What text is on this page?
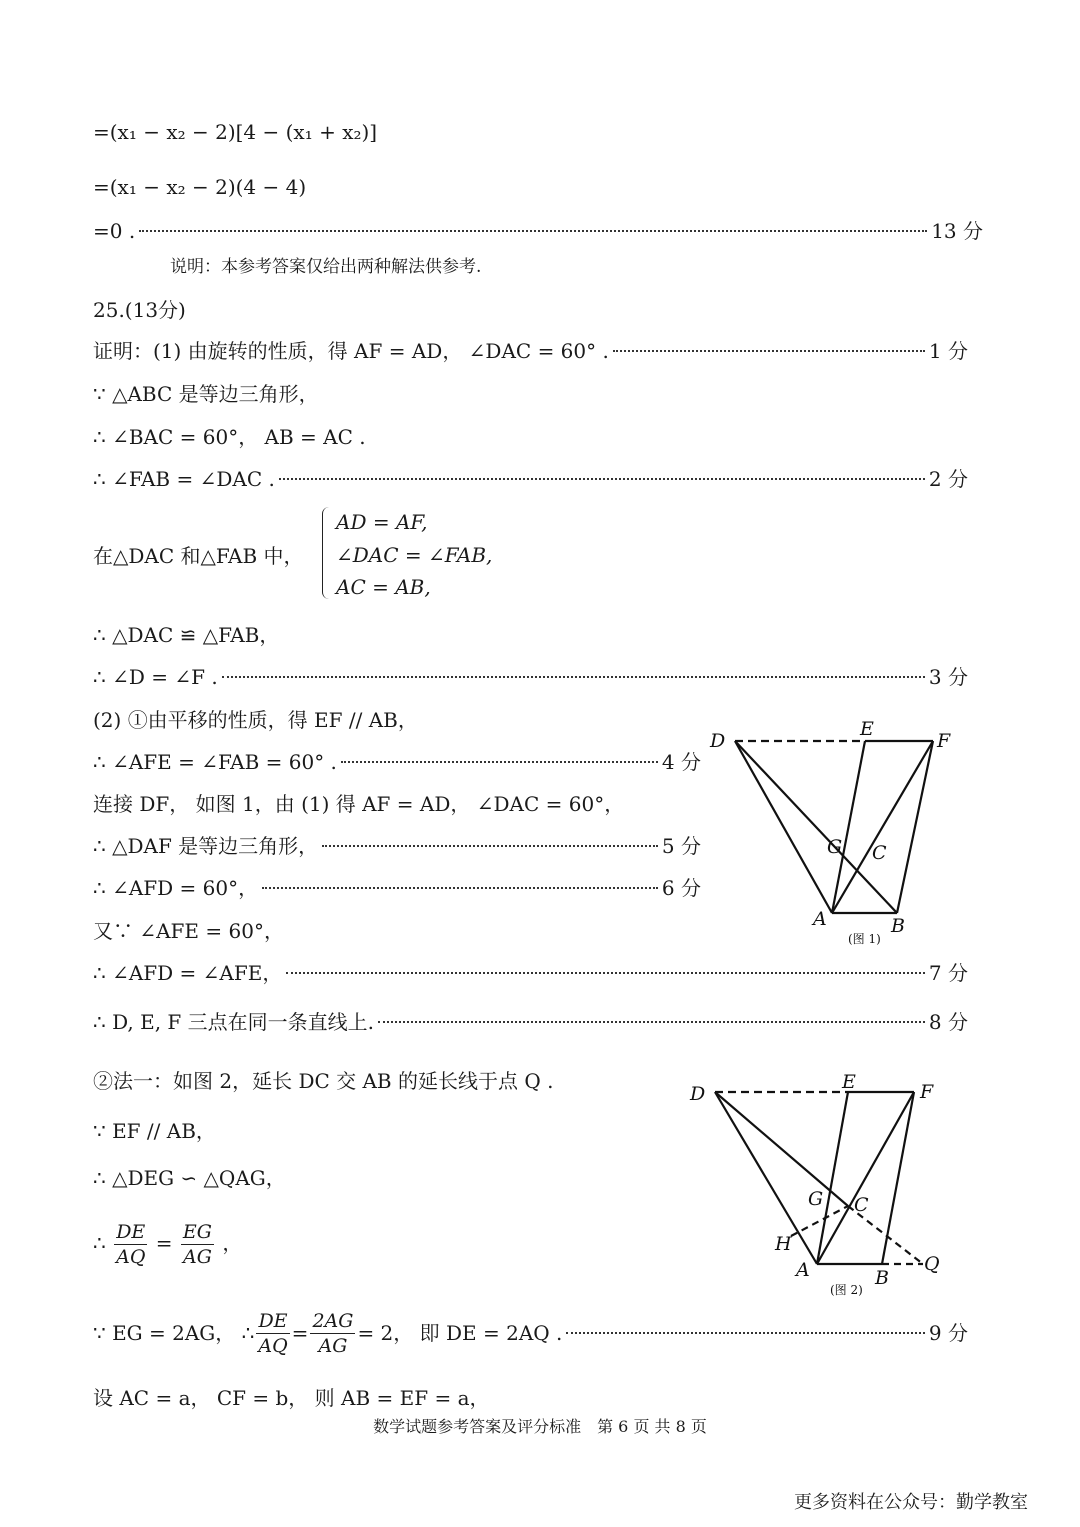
=(x₁ − x₂ − 2)[4 − (x₁ + x₂)]
=(x₁ − x₂ − 2)(4 − 4)
=0 .	13 分
说明：本参考答案仅给出两种解法供参考.
25.(13分)
证明：(1) 由旋转的性质，得 AF = AD， ∠DAC = 60° .	1 分
∵ △ABC 是等边三角形，
∴ ∠BAC = 60°， AB = AC .
∴ ∠FAB = ∠DAC .	2 分
在△DAC 和△FAB 中，
AD = AF,
∠DAC = ∠FAB,
AC = AB,
∴ △DAC ≌ △FAB，
∴ ∠D = ∠F .	3 分
(2) ①由平移的性质，得 EF // AB，
∴ ∠AFE = ∠FAB = 60° .	4 分
连接 DF， 如图 1，由 (1) 得 AF = AD， ∠DAC = 60°，
∴ △DAF 是等边三角形，	5 分
∴ ∠AFD = 60°，	6 分
又∵ ∠AFE = 60°，
∴ ∠AFD = ∠AFE，	7 分
∴ D, E, F 三点在同一条直线上.	8 分
②法一：如图 2，延长 DC 交 AB 的延长线于点 Q .
∵ EF // AB，
∴ △DEG ∽ △QAG，
∴ $\frac{DE}{AQ} = \frac{EG}{AG}$ ，
∵ EG = 2AG， ∴ $\frac{DE}{AQ} = \frac{2AG}{AG} = 2$， 即 DE = 2AQ .	9 分
设 AC = a， CF = b， 则 AB = EF = a，
D
E
F
G C
A	B
(图 1)
D
E	F
G C
H
A	B
Q
(图 2)
数学试题参考答案及评分标准　第 6 页 共 8 页
更多资料在公众号：勤学教室
